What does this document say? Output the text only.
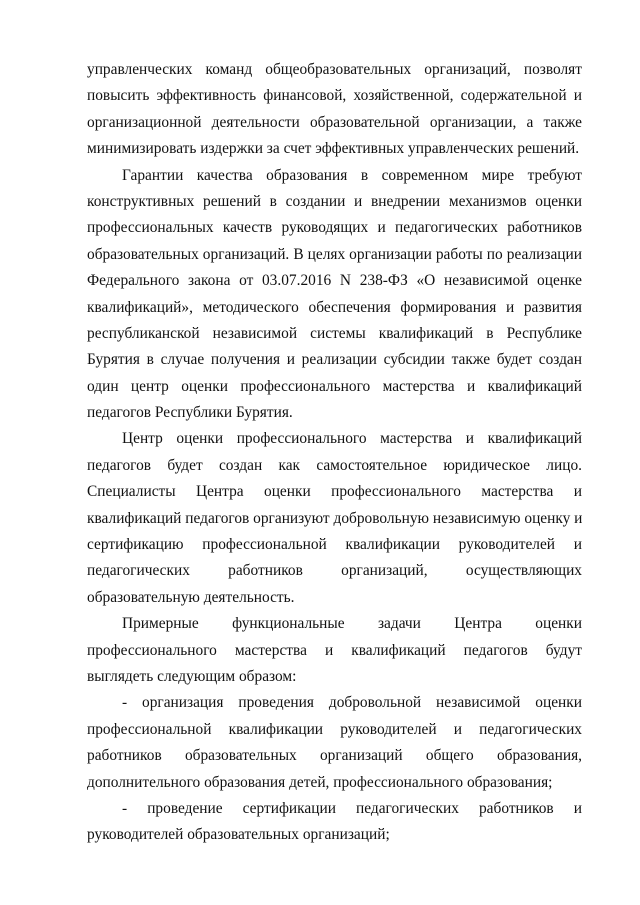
управленческих команд общеобразовательных организаций, позволят
повысить эффективность финансовой, хозяйственной, содержательной и
организационной деятельности образовательной организации, а также
минимизировать издержки за счет эффективных управленческих решений.
Гарантии качества образования в современном мире требуют
конструктивных решений в создании и внедрении механизмов оценки
профессиональных качеств руководящих и педагогических работников
образовательных организаций. В целях организации работы по реализации
Федерального закона от 03.07.2016 N 238-ФЗ «О независимой оценке
квалификаций», методического обеспечения формирования и развития
республиканской независимой системы квалификаций в Республике
Бурятия в случае получения и реализации субсидии также будет создан
один центр оценки профессионального мастерства и квалификаций
педагогов Республики Бурятия.
Центр оценки профессионального мастерства и квалификаций
педагогов будет создан как самостоятельное юридическое лицо.
Специалисты Центра оценки профессионального мастерства и
квалификаций педагогов организуют добровольную независимую оценку и
сертификацию профессиональной квалификации руководителей и
педагогических работников организаций, осуществляющих
образовательную деятельность.
Примерные функциональные задачи Центра оценки
профессионального мастерства и квалификаций педагогов будут
выглядеть следующим образом:
- организация проведения добровольной независимой оценки
профессиональной квалификации руководителей и педагогических
работников образовательных организаций общего образования,
дополнительного образования детей, профессионального образования;
- проведение сертификации педагогических работников и
руководителей образовательных организаций;
